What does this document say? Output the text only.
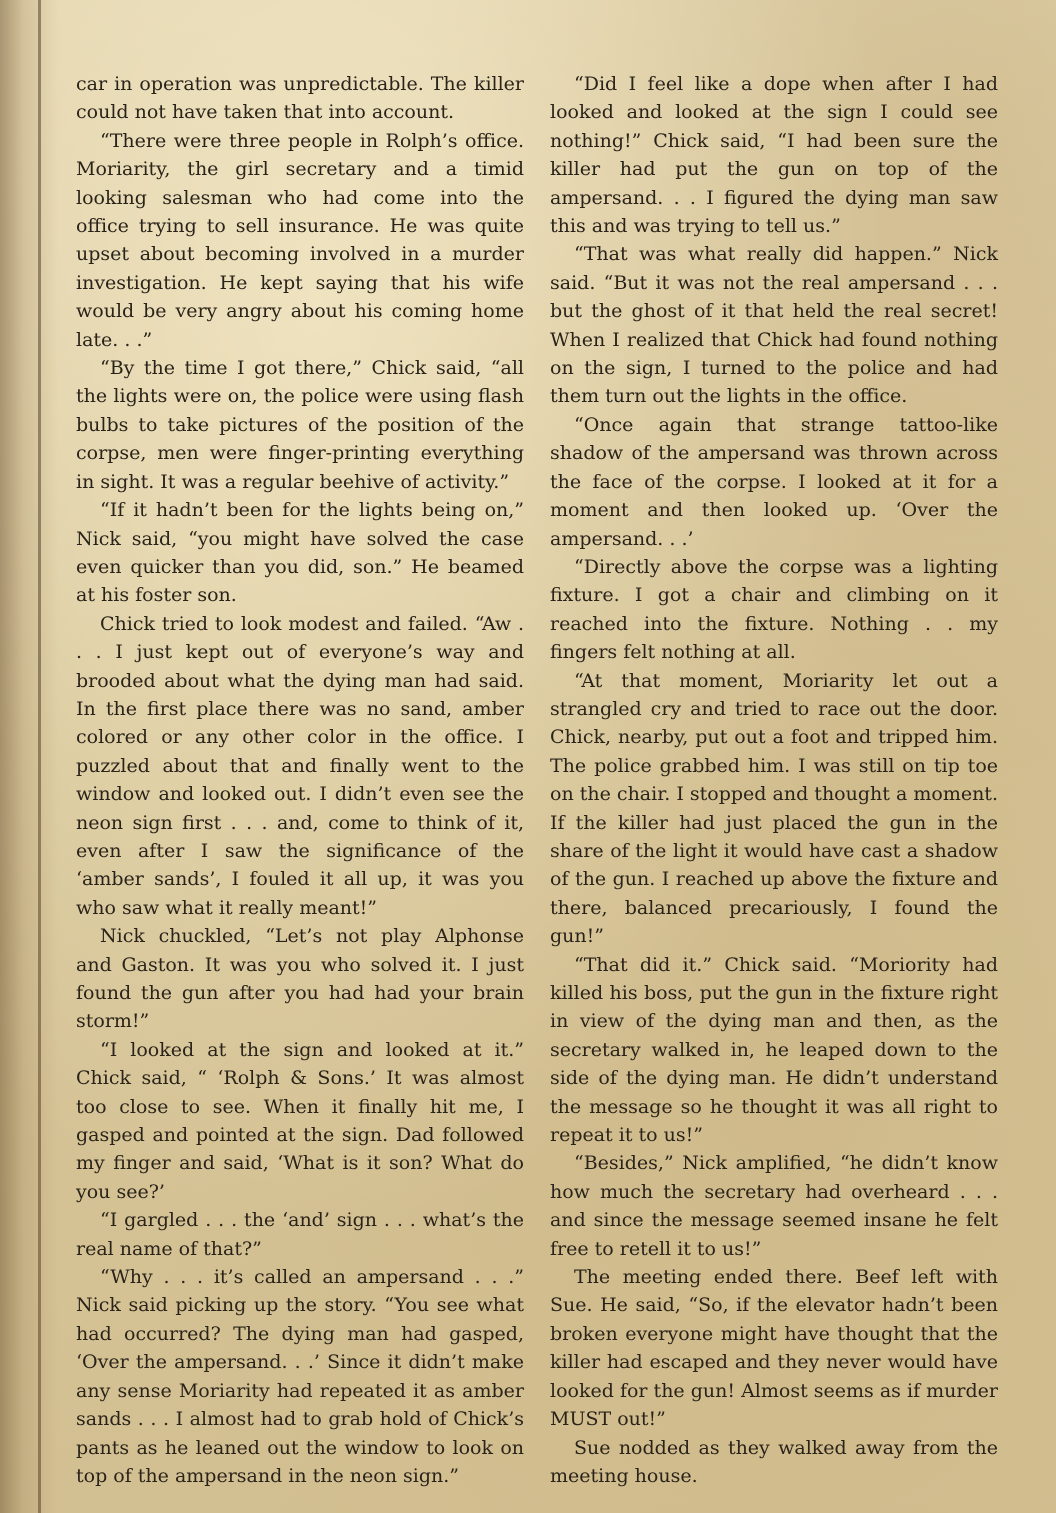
car in operation was unpredictable. The killer could not have taken that into account.

“There were three people in Rolph’s office. Moriarity, the girl secretary and a timid looking salesman who had come into the office trying to sell insurance. He was quite upset about becoming involved in a murder investigation. He kept saying that his wife would be very angry about his coming home late. . .”

“By the time I got there,” Chick said, “all the lights were on, the police were using flash bulbs to take pictures of the position of the corpse, men were finger-printing everything in sight. It was a regular beehive of activity.”

“If it hadn’t been for the lights being on,” Nick said, “you might have solved the case even quicker than you did, son.” He beamed at his foster son.

Chick tried to look modest and failed. “Aw . . . I just kept out of everyone’s way and brooded about what the dying man had said. In the first place there was no sand, amber colored or any other color in the office. I puzzled about that and finally went to the window and looked out. I didn’t even see the neon sign first . . . and, come to think of it, even after I saw the significance of the ‘amber sands’, I fouled it all up, it was you who saw what it really meant!”

Nick chuckled, “Let’s not play Alphonse and Gaston. It was you who solved it. I just found the gun after you had had your brain storm!”

“I looked at the sign and looked at it.” Chick said, “ ‘Rolph & Sons.’ It was almost too close to see. When it finally hit me, I gasped and pointed at the sign. Dad followed my finger and said, ‘What is it son? What do you see?’

“I gargled . . . the ‘and’ sign . . . what’s the real name of that?”

“Why . . . it’s called an ampersand . . .” Nick said picking up the story. “You see what had occurred? The dying man had gasped, ‘Over the ampersand. . .’ Since it didn’t make any sense Moriarity had repeated it as amber sands . . . I almost had to grab hold of Chick’s pants as he leaned out the window to look on top of the ampersand in the neon sign.”

“Did I feel like a dope when after I had looked and looked at the sign I could see nothing!” Chick said, “I had been sure the killer had put the gun on top of the ampersand. . . I figured the dying man saw this and was trying to tell us.”

“That was what really did happen.” Nick said. “But it was not the real ampersand . . . but the ghost of it that held the real secret! When I realized that Chick had found nothing on the sign, I turned to the police and had them turn out the lights in the office.

“Once again that strange tattoo-like shadow of the ampersand was thrown across the face of the corpse. I looked at it for a moment and then looked up. ‘Over the ampersand. . .’

“Directly above the corpse was a lighting fixture. I got a chair and climbing on it reached into the fixture. Nothing . . my fingers felt nothing at all.

“At that moment, Moriarity let out a strangled cry and tried to race out the door. Chick, nearby, put out a foot and tripped him. The police grabbed him. I was still on tip toe on the chair. I stopped and thought a moment. If the killer had just placed the gun in the share of the light it would have cast a shadow of the gun. I reached up above the fixture and there, balanced precariously, I found the gun!”

“That did it.” Chick said. “Moriority had killed his boss, put the gun in the fixture right in view of the dying man and then, as the secretary walked in, he leaped down to the side of the dying man. He didn’t understand the message so he thought it was all right to repeat it to us!”

“Besides,” Nick amplified, “he didn’t know how much the secretary had overheard . . . and since the message seemed insane he felt free to retell it to us!”

The meeting ended there. Beef left with Sue. He said, “So, if the elevator hadn’t been broken everyone might have thought that the killer had escaped and they never would have looked for the gun! Almost seems as if murder MUST out!”

Sue nodded as they walked away from the meeting house.
